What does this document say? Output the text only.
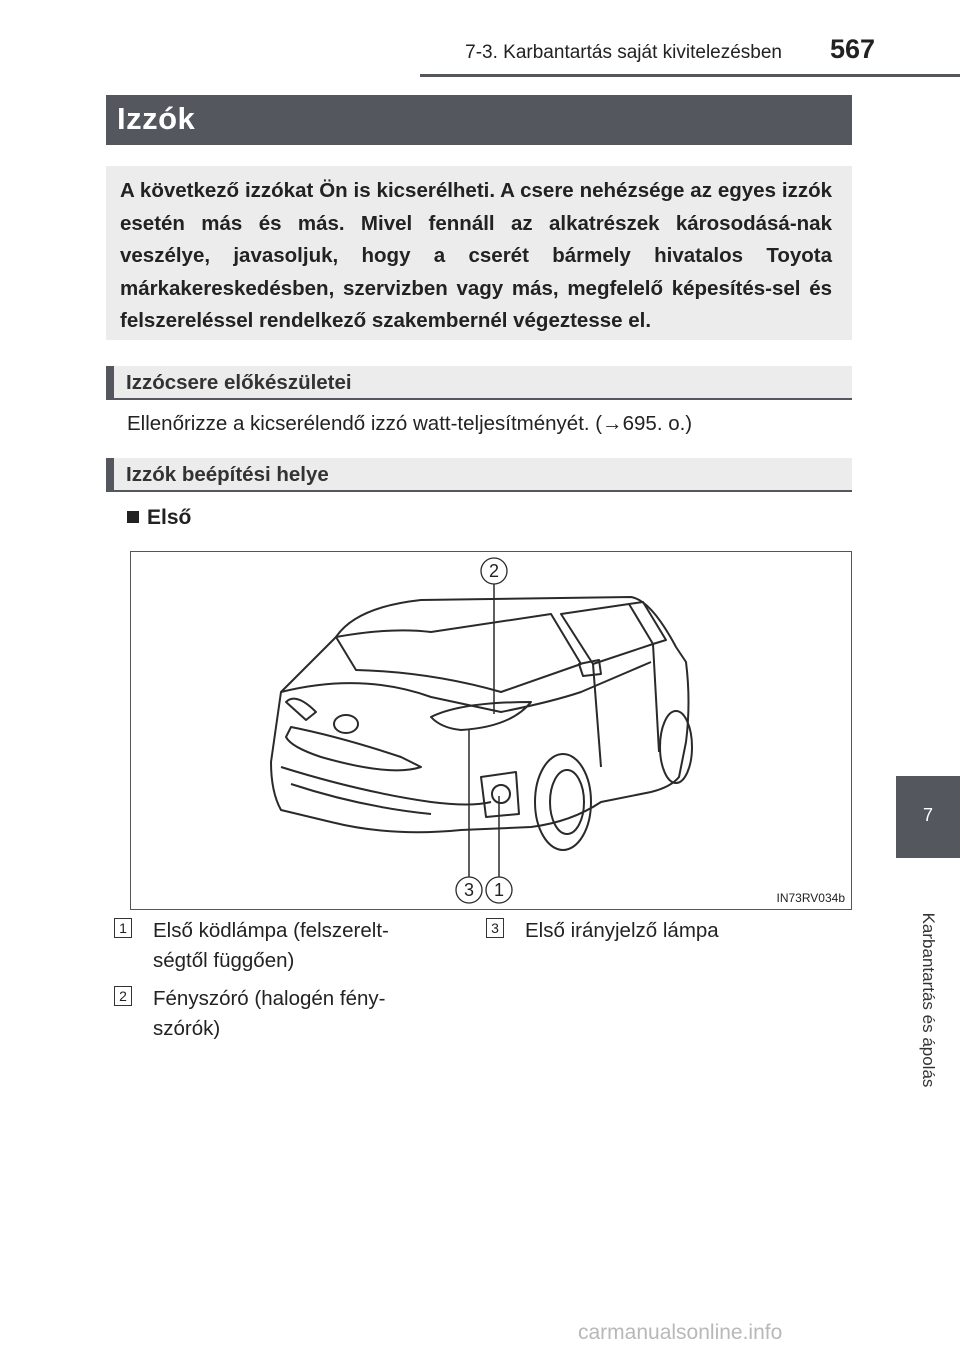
7-3. Karbantartás saját kivitelezésben 567
Izzók

A következő izzókat Ön is kicserélheti. A csere nehézsége az egyes izzók esetén más és más. Mivel fennáll az alkatrészek károsodásá-nak veszélye, javasoljuk, hogy a cserét bármely hivatalos Toyota márkakereskedésben, szervizben vagy más, megfelelő képesítés-sel és felszereléssel rendelkező szakembernél végeztesse el.

Izzócsere előkészületei
Ellenőrizze a kicserélendő izzó watt-teljesítményét. (→695. o.)
Izzók beépítési helye
Első
2
3 1	IN73RV034b
1 Első ködlámpa (felszerelt-
ségtől függően)
2 Fényszóró (halogén fény-
szórók)
3 Első irányjelző lámpa
7
Karbantartás és ápolás
carmanualsonline.info
